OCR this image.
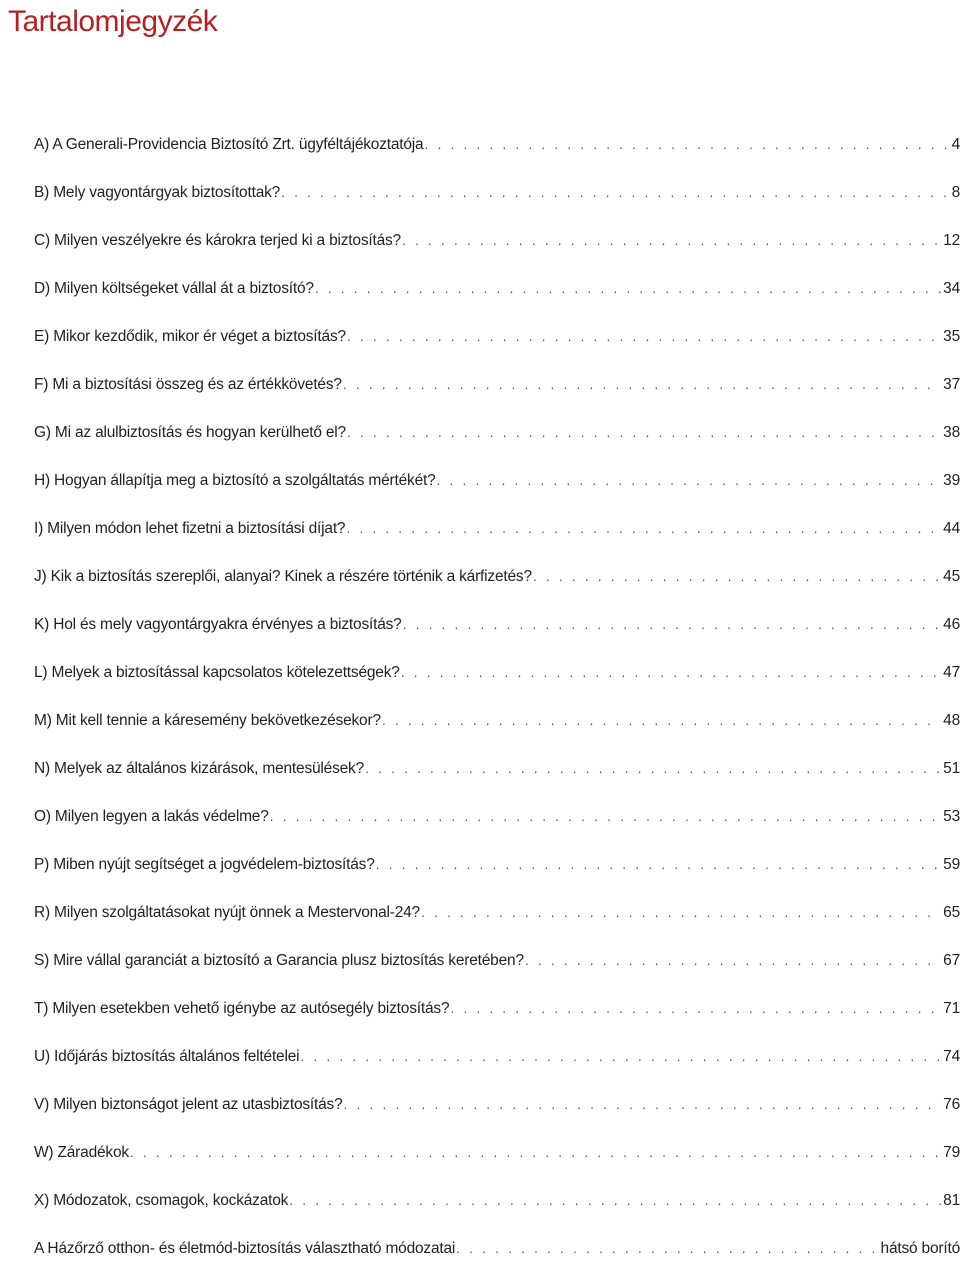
Tartalomjegyzék
A) A Generali-Providencia Biztosító Zrt. ügyféltájékoztatója . . .	4
B) Mely vagyontárgyak biztosítottak? . . .	8
C) Milyen veszélyekre és károkra terjed ki a biztosítás? . . .	12
D) Milyen költségeket vállal át a biztosító? . . .	34
E) Mikor kezdődik, mikor ér véget a biztosítás? . . .	35
F) Mi a biztosítási összeg és az értékkövetés? . . .	37
G) Mi az alulbiztosítás és hogyan kerülhető el? . . .	38
H) Hogyan állapítja meg a biztosító a szolgáltatás mértékét? . . .	39
I) Milyen módon lehet fizetni a biztosítási díjat? . . .	44
J) Kik a biztosítás szereplői, alanyai? Kinek a részére történik a kárfizetés? . . .	45
K) Hol és mely vagyontárgyakra érvényes a biztosítás? . . .	46
L) Melyek a biztosítással kapcsolatos kötelezettségek? . . .	47
M) Mit kell tennie a káresemény bekövetkezésekor? . . .	48
N) Melyek az általános kizárások, mentesülések? . . .	51
O) Milyen legyen a lakás védelme? . . .	53
P) Miben nyújt segítséget a jogvédelem-biztosítás? . . .	59
R) Milyen szolgáltatásokat nyújt önnek a Mestervonal-24? . . .	65
S) Mire vállal garanciát a biztosító a Garancia plusz biztosítás keretében? . . .	67
T) Milyen esetekben vehető igénybe az autósegély biztosítás? . . .	71
U) Időjárás biztosítás általános feltételei . . .	74
V) Milyen biztonságot jelent az utasbiztosítás? . . .	76
W) Záradékok . . .	79
X) Módozatok, csomagok, kockázatok . . .	81
A Házőrző otthon- és életmód-biztosítás választható módozatai . . .	hátsó borító
